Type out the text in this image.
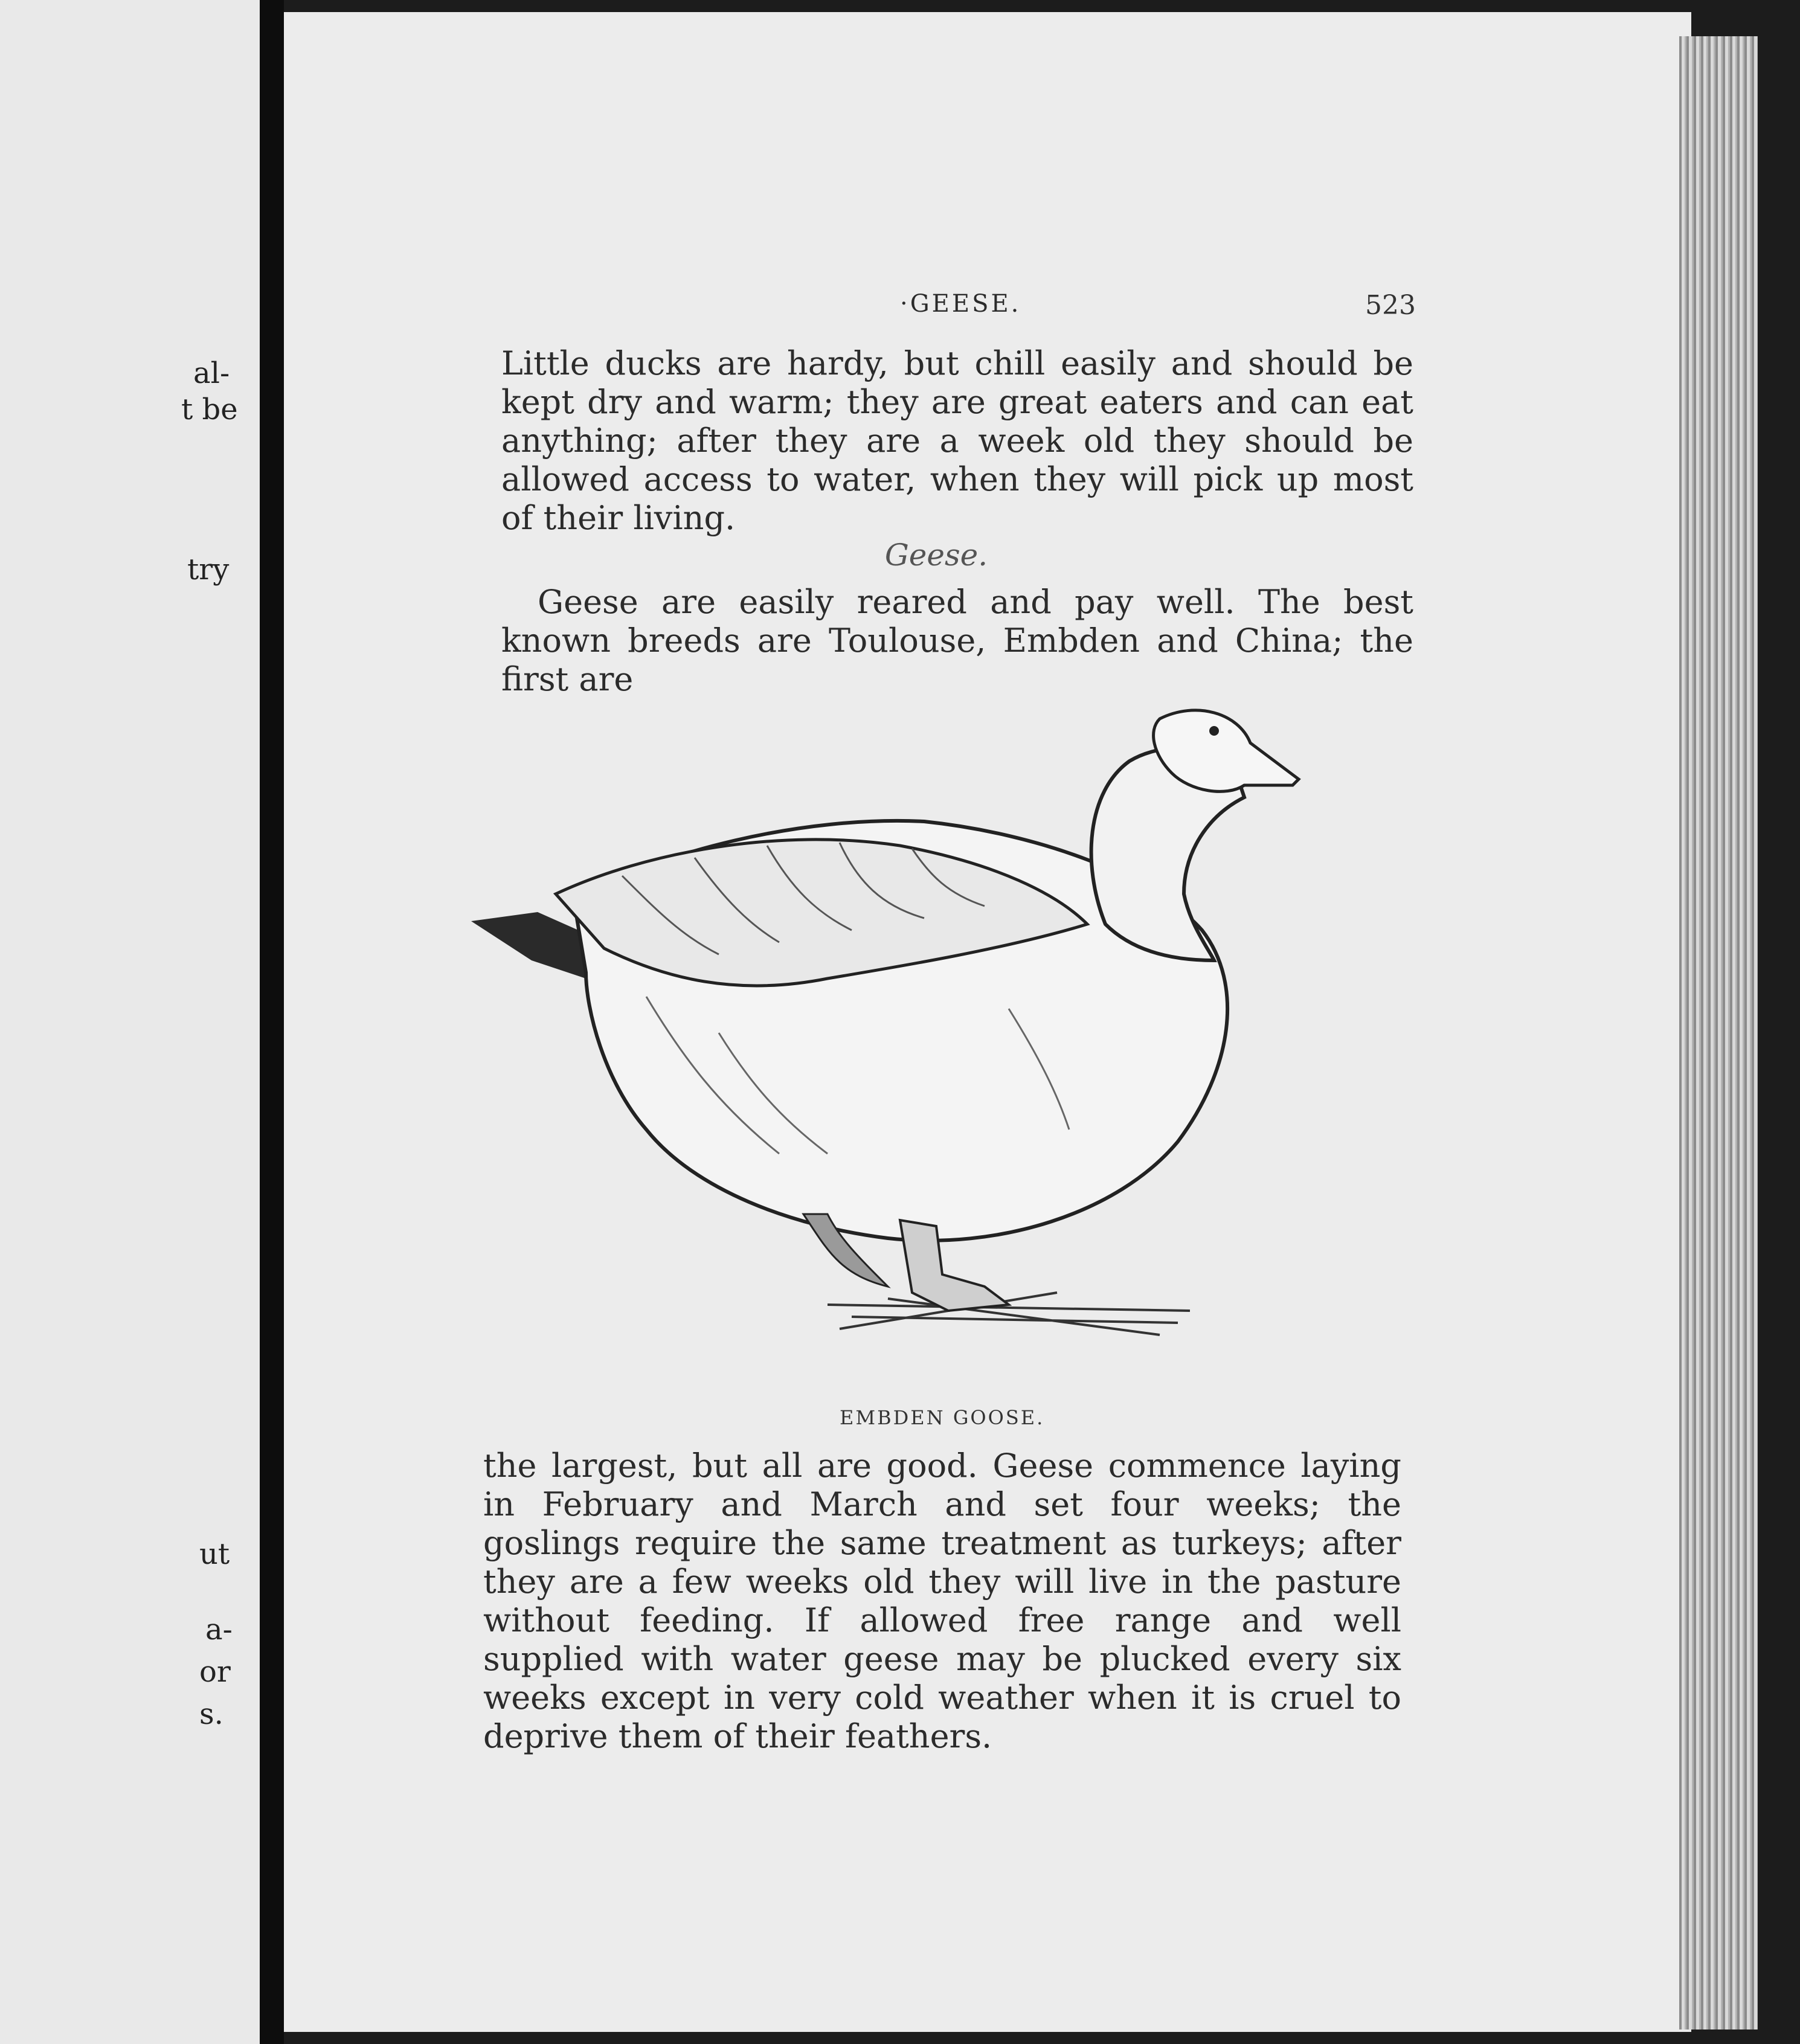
al-
t be
try
ut
a-
or
s.
·GEESE.	523
Little ducks are hardy, but chill easily and should be kept dry and warm; they are great eaters and can eat anything; after they are a week old they should be allowed access to water, when they will pick up most of their living.
Geese.
Geese are easily reared and pay well. The best known breeds are Toulouse, Embden and China; the first are
EMBDEN GOOSE.
the largest, but all are good. Geese commence laying in February and March and set four weeks; the goslings require the same treatment as turkeys; after they are a few weeks old they will live in the pasture without feeding. If allowed free range and well supplied with water geese may be plucked every six weeks except in very cold weather when it is cruel to deprive them of their feathers.
